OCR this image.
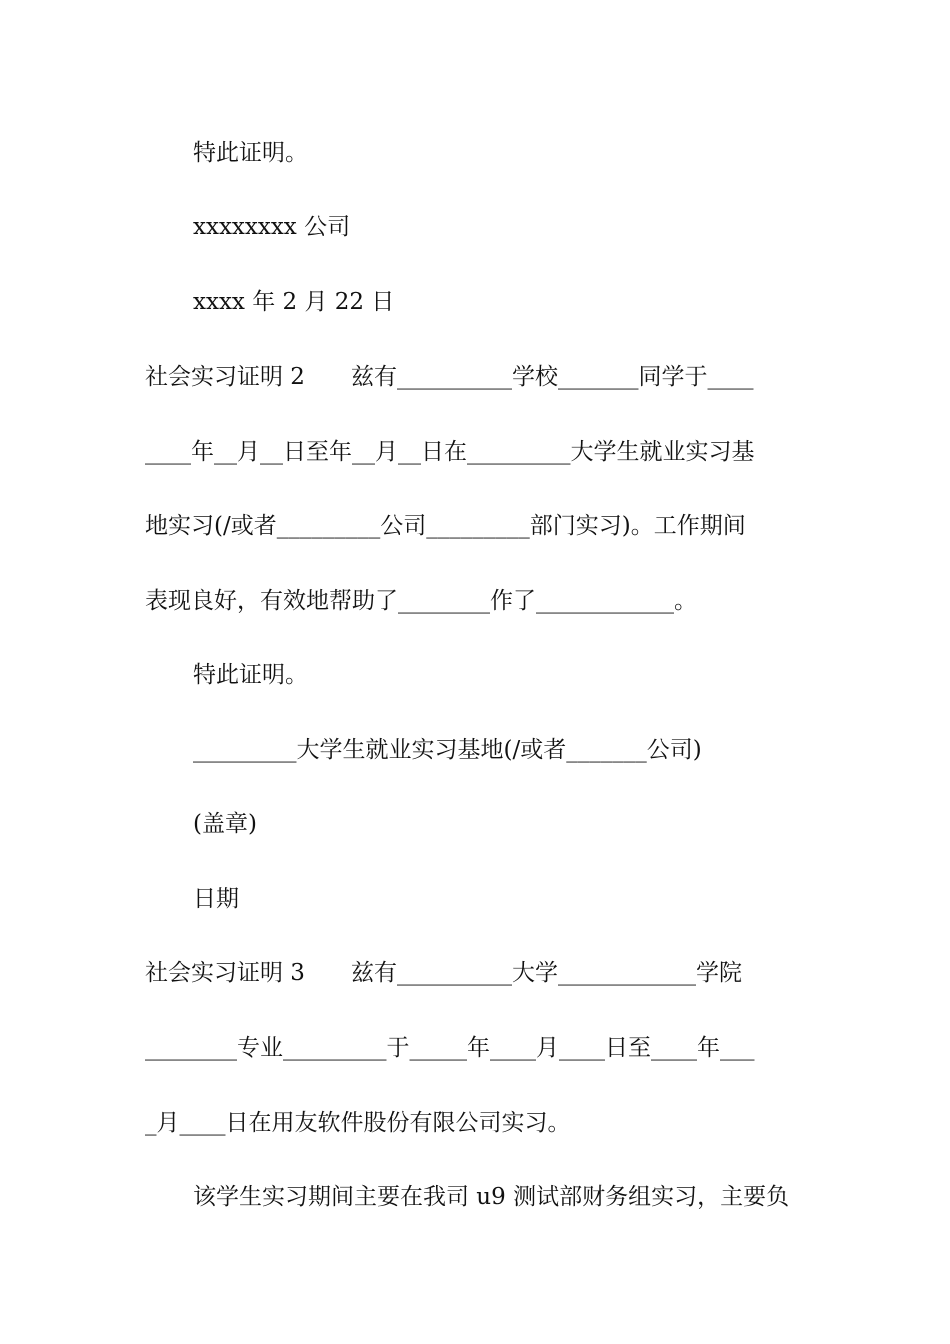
特此证明。
xxxxxxxx 公司
xxxx 年 2 月 22 日
社会实习证明 2　　兹有__________学校_______同学于____
____年__月__日至年__月__日在_________大学生就业实习基
地实习(/或者_________公司_________部门实习)。工作期间
表现良好，有效地帮助了________作了____________。
特此证明。
_________大学生就业实习基地(/或者_______公司)
(盖章)
日期
社会实习证明 3　　兹有__________大学____________学院
________专业_________于_____年____月____日至____年___
_月____日在用友软件股份有限公司实习。
该学生实习期间主要在我司 u9 测试部财务组实习，主要负
